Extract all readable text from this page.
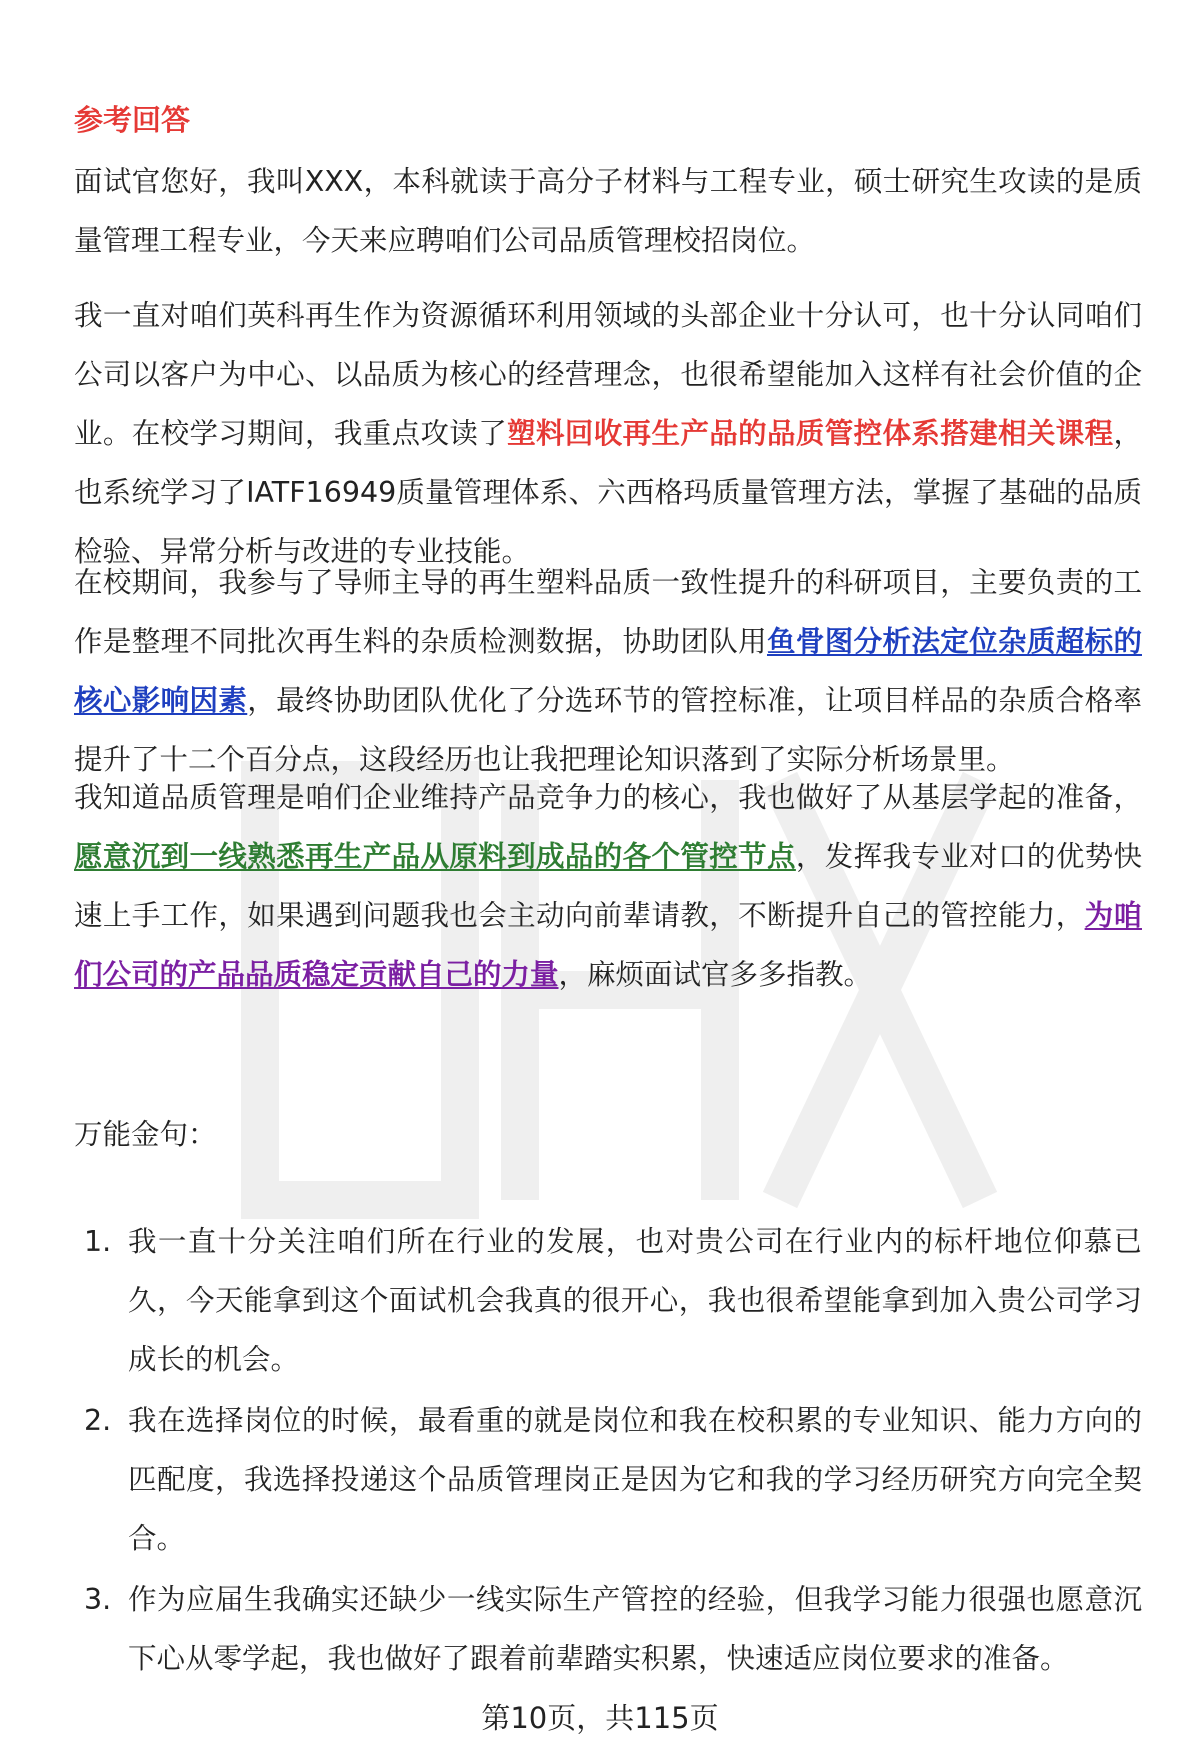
参考回答
面试官您好，我叫XXX，本科就读于高分子材料与工程专业，硕士研究生攻读的是质量管理工程专业，今天来应聘咱们公司品质管理校招岗位。
我一直对咱们英科再生作为资源循环利用领域的头部企业十分认可，也十分认同咱们公司以客户为中心、以品质为核心的经营理念，也很希望能加入这样有社会价值的企业。在校学习期间，我重点攻读了塑料回收再生产品的品质管控体系搭建相关课程，也系统学习了IATF16949质量管理体系、六西格玛质量管理方法，掌握了基础的品质检验、异常分析与改进的专业技能。
在校期间，我参与了导师主导的再生塑料品质一致性提升的科研项目，主要负责的工作是整理不同批次再生料的杂质检测数据，协助团队用鱼骨图分析法定位杂质超标的核心影响因素，最终协助团队优化了分选环节的管控标准，让项目样品的杂质合格率提升了十二个百分点，这段经历也让我把理论知识落到了实际分析场景里。
我知道品质管理是咱们企业维持产品竞争力的核心，我也做好了从基层学起的准备，愿意沉到一线熟悉再生产品从原料到成品的各个管控节点，发挥我专业对口的优势快速上手工作，如果遇到问题我也会主动向前辈请教，不断提升自己的管控能力，为咱们公司的产品品质稳定贡献自己的力量，麻烦面试官多多指教。
万能金句：
1. 我一直十分关注咱们所在行业的发展，也对贵公司在行业内的标杆地位仰慕已久，今天能拿到这个面试机会我真的很开心，我也很希望能拿到加入贵公司学习成长的机会。
2. 我在选择岗位的时候，最看重的就是岗位和我在校积累的专业知识、能力方向的匹配度，我选择投递这个品质管理岗正是因为它和我的学习经历研究方向完全契合。
3. 作为应届生我确实还缺少一线实际生产管控的经验，但我学习能力很强也愿意沉下心从零学起，我也做好了跟着前辈踏实积累，快速适应岗位要求的准备。
第10页，共115页
